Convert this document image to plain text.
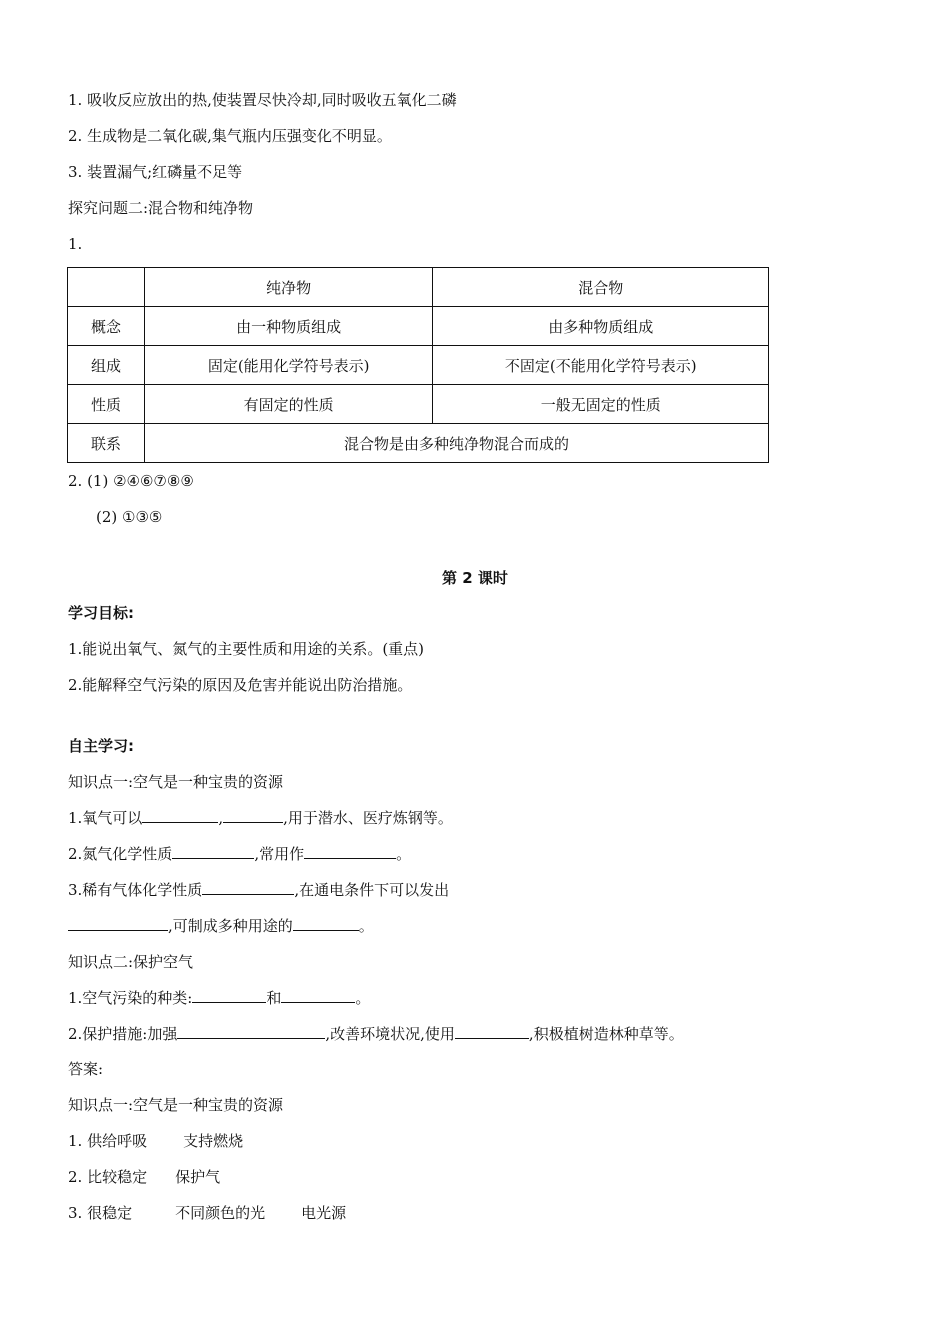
1. 吸收反应放出的热,使装置尽快冷却,同时吸收五氧化二磷
2. 生成物是二氧化碳,集气瓶内压强变化不明显。
3. 装置漏气;红磷量不足等
探究问题二:混合物和纯净物
1.
	纯净物	混合物
概念	由一种物质组成	由多种物质组成
组成	固定(能用化学符号表示)	不固定(不能用化学符号表示)
性质	有固定的性质	一般无固定的性质
联系	混合物是由多种纯净物混合而成的	
2. (1) ②④⑥⑦⑧⑨
(2) ①③⑤
第 2 课时
学习目标:
1.能说出氧气、氮气的主要性质和用途的关系。(重点)
2.能解释空气污染的原因及危害并能说出防治措施。
自主学习:
知识点一:空气是一种宝贵的资源
1.氧气可以	,	,用于潜水、医疗炼钢等。
2.氮气化学性质	,常用作	。
3.稀有气体化学性质	,在通电条件下可以发出
,可制成多种用途的	。
知识点二:保护空气
1.空气污染的种类:	和	。
2.保护措施:加强	,改善环境状况,使用	,积极植树造林种草等。
答案:
知识点一:空气是一种宝贵的资源
1. 供给呼吸 支持燃烧
2. 比较稳定 保护气
3. 很稳定	不同颜色的光 电光源
